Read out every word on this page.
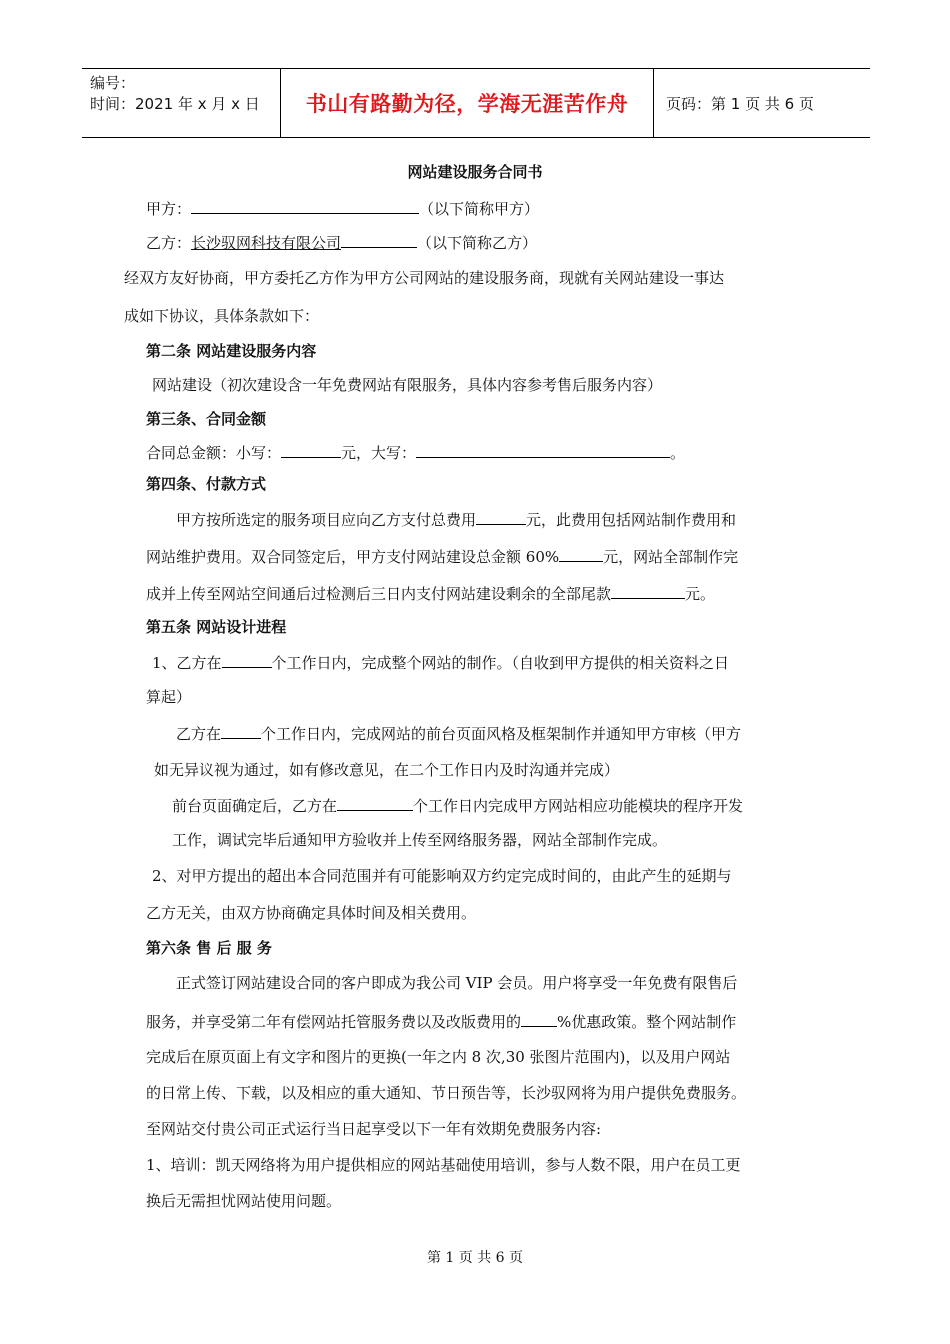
编号：
时间：2021 年 x 月 x 日	书山有路勤为径，学海无涯苦作舟	页码：第 1 页 共 6 页
网站建设服务合同书
甲方：	（以下简称甲方）
乙方：长沙驭网科技有限公司	（以下简称乙方）
经双方友好协商，甲方委托乙方作为甲方公司网站的建设服务商，现就有关网站建设一事达
成如下协议，具体条款如下：
第二条 网站建设服务内容
网站建设（初次建设含一年免费网站有限服务，具体内容参考售后服务内容）
第三条、合同金额
合同总金额：小写：	元，大写：	。
第四条、付款方式
甲方按所选定的服务项目应向乙方支付总费用	元，此费用包括网站制作费用和
网站维护费用。双合同签定后，甲方支付网站建设总金额 60%	元，网站全部制作完
成并上传至网站空间通后过检测后三日内支付网站建设剩余的全部尾款	元。
第五条 网站设计进程
1、乙方在	个工作日内，完成整个网站的制作。（自收到甲方提供的相关资料之日
算起）
乙方在	个工作日内，完成网站的前台页面风格及框架制作并通知甲方审核（甲方
如无异议视为通过，如有修改意见，在二个工作日内及时沟通并完成）
前台页面确定后，乙方在	个工作日内完成甲方网站相应功能模块的程序开发
工作，调试完毕后通知甲方验收并上传至网络服务器，网站全部制作完成。
2、对甲方提出的超出本合同范围并有可能影响双方约定完成时间的，由此产生的延期与
乙方无关，由双方协商确定具体时间及相关费用。
第六条 售 后 服 务
正式签订网站建设合同的客户即成为我公司 VIP 会员。用户将享受一年免费有限售后
服务，并享受第二年有偿网站托管服务费以及改版费用的 %优惠政策。整个网站制作
完成后在原页面上有文字和图片的更换(一年之内 8 次,30 张图片范围内)，以及用户网站
的日常上传、下载，以及相应的重大通知、节日预告等，长沙驭网将为用户提供免费服务。
至网站交付贵公司正式运行当日起享受以下一年有效期免费服务内容:
1、培训：凯天网络将为用户提供相应的网站基础使用培训，参与人数不限，用户在员工更
换后无需担忧网站使用问题。
第 1 页 共 6 页
